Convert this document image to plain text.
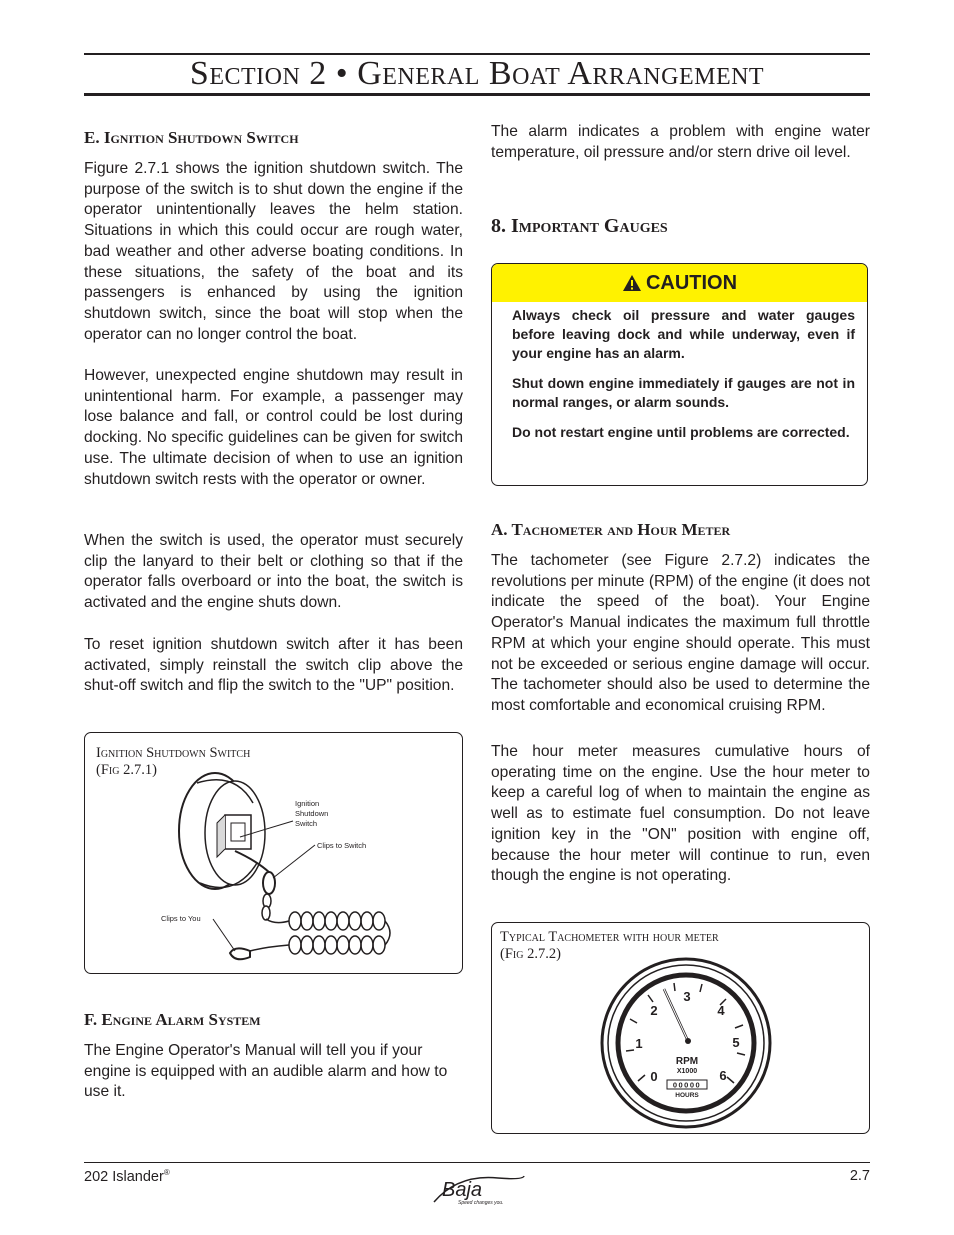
Section 2 • General Boat Arrangement
E. Ignition Shutdown Switch
Figure 2.7.1 shows the ignition shutdown switch. The purpose of the switch is to shut down the engine if the operator unintentionally leaves the helm station. Situations in which this could occur are rough water, bad weather and other adverse boating conditions. In these situations, the safety of the boat and its passengers is enhanced by using the ignition shutdown switch, since the boat will stop when the operator can no longer control the boat.
However, unexpected engine shutdown may result in unintentional harm. For example, a passenger may lose balance and fall, or control could be lost during docking. No specific guidelines can be given for switch use. The ultimate decision of when to use an ignition shutdown switch rests with the operator or owner.
When the switch is used, the operator must securely clip the lanyard to their belt or clothing so that if the operator falls overboard or into the boat, the switch is activated and the engine shuts down.
To reset ignition shutdown switch after it has been activated, simply reinstall the switch clip above the shut-off switch and flip the switch to the "UP" position.
Ignition Shutdown Switch
(Fig 2.7.1)
Ignition
Shutdown
Switch
Clips to Switch
Clips to You
F. Engine Alarm System
The Engine Operator's Manual will tell you if your engine is equipped with an audible alarm and how to use it.
The alarm indicates a problem with engine water temperature, oil pressure and/or stern drive oil level.
8. Important Gauges
CAUTION

Always check oil pressure and water gauges before leaving dock and while underway, even if your engine has an alarm.

Shut down engine immediately if gauges are not in normal ranges, or alarm sounds.

Do not restart engine until problems are corrected.

A. Tachometer and Hour Meter
The tachometer (see Figure 2.7.2) indicates the revolutions per minute (RPM) of the engine (it does not indicate the speed of the boat). Your Engine Operator's Manual indicates the maximum full throttle RPM at which your engine should operate. This must not be exceeded or serious engine damage will occur. The tachometer should also be used to determine the most comfortable and economical cruising RPM.
The hour meter measures cumulative hours of operating time on the engine. Use the hour meter to keep a careful log of when to maintain the engine as well as to estimate fuel consumption. Do not leave ignition key in the "ON" position with engine off, because the hour meter will continue to run, even though the engine is not operating.
Typical Tachometer with hour meter
(Fig 2.7.2)
0
1
2
3
4
5
6
RPM
X1000
00000
HOURS
202 Islander®
Baja
Speed changes you.
2.7
